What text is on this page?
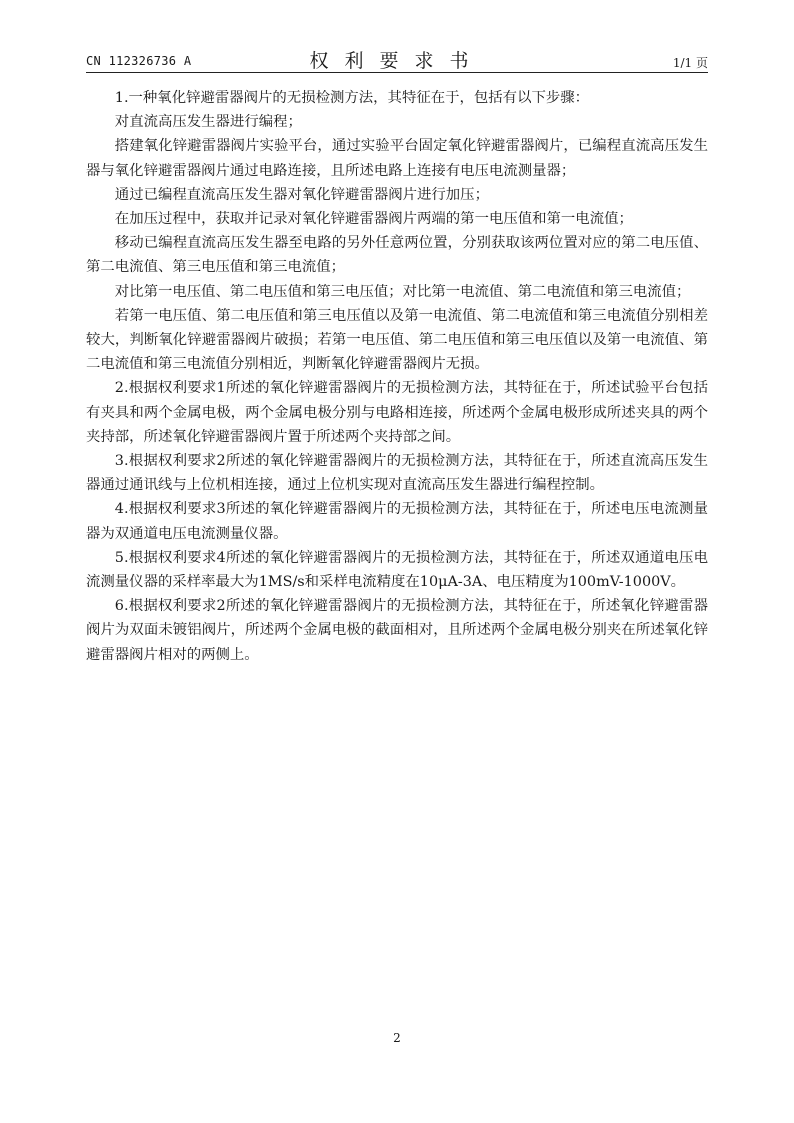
CN 112326736 A	权利要求书	1/1 页

1.一种氧化锌避雷器阀片的无损检测方法，其特征在于，包括有以下步骤：

对直流高压发生器进行编程；

搭建氧化锌避雷器阀片实验平台，通过实验平台固定氧化锌避雷器阀片，已编程直流高压发生器与氧化锌避雷器阀片通过电路连接，且所述电路上连接有电压电流测量器；

通过已编程直流高压发生器对氧化锌避雷器阀片进行加压；

在加压过程中，获取并记录对氧化锌避雷器阀片两端的第一电压值和第一电流值；

移动已编程直流高压发生器至电路的另外任意两位置，分别获取该两位置对应的第二电压值、第二电流值、第三电压值和第三电流值；

对比第一电压值、第二电压值和第三电压值；对比第一电流值、第二电流值和第三电流值；

若第一电压值、第二电压值和第三电压值以及第一电流值、第二电流值和第三电流值分别相差较大，判断氧化锌避雷器阀片破损；若第一电压值、第二电压值和第三电压值以及第一电流值、第二电流值和第三电流值分别相近，判断氧化锌避雷器阀片无损。

2.根据权利要求1所述的氧化锌避雷器阀片的无损检测方法，其特征在于，所述试验平台包括有夹具和两个金属电极，两个金属电极分别与电路相连接，所述两个金属电极形成所述夹具的两个夹持部，所述氧化锌避雷器阀片置于所述两个夹持部之间。

3.根据权利要求2所述的氧化锌避雷器阀片的无损检测方法，其特征在于，所述直流高压发生器通过通讯线与上位机相连接，通过上位机实现对直流高压发生器进行编程控制。

4.根据权利要求3所述的氧化锌避雷器阀片的无损检测方法，其特征在于，所述电压电流测量器为双通道电压电流测量仪器。

5.根据权利要求4所述的氧化锌避雷器阀片的无损检测方法，其特征在于，所述双通道电压电流测量仪器的采样率最大为1MS/s和采样电流精度在10μA-3A、电压精度为100mV-1000V。

6.根据权利要求2所述的氧化锌避雷器阀片的无损检测方法，其特征在于，所述氧化锌避雷器阀片为双面未镀铝阀片，所述两个金属电极的截面相对，且所述两个金属电极分别夹在所述氧化锌避雷器阀片相对的两侧上。

2
